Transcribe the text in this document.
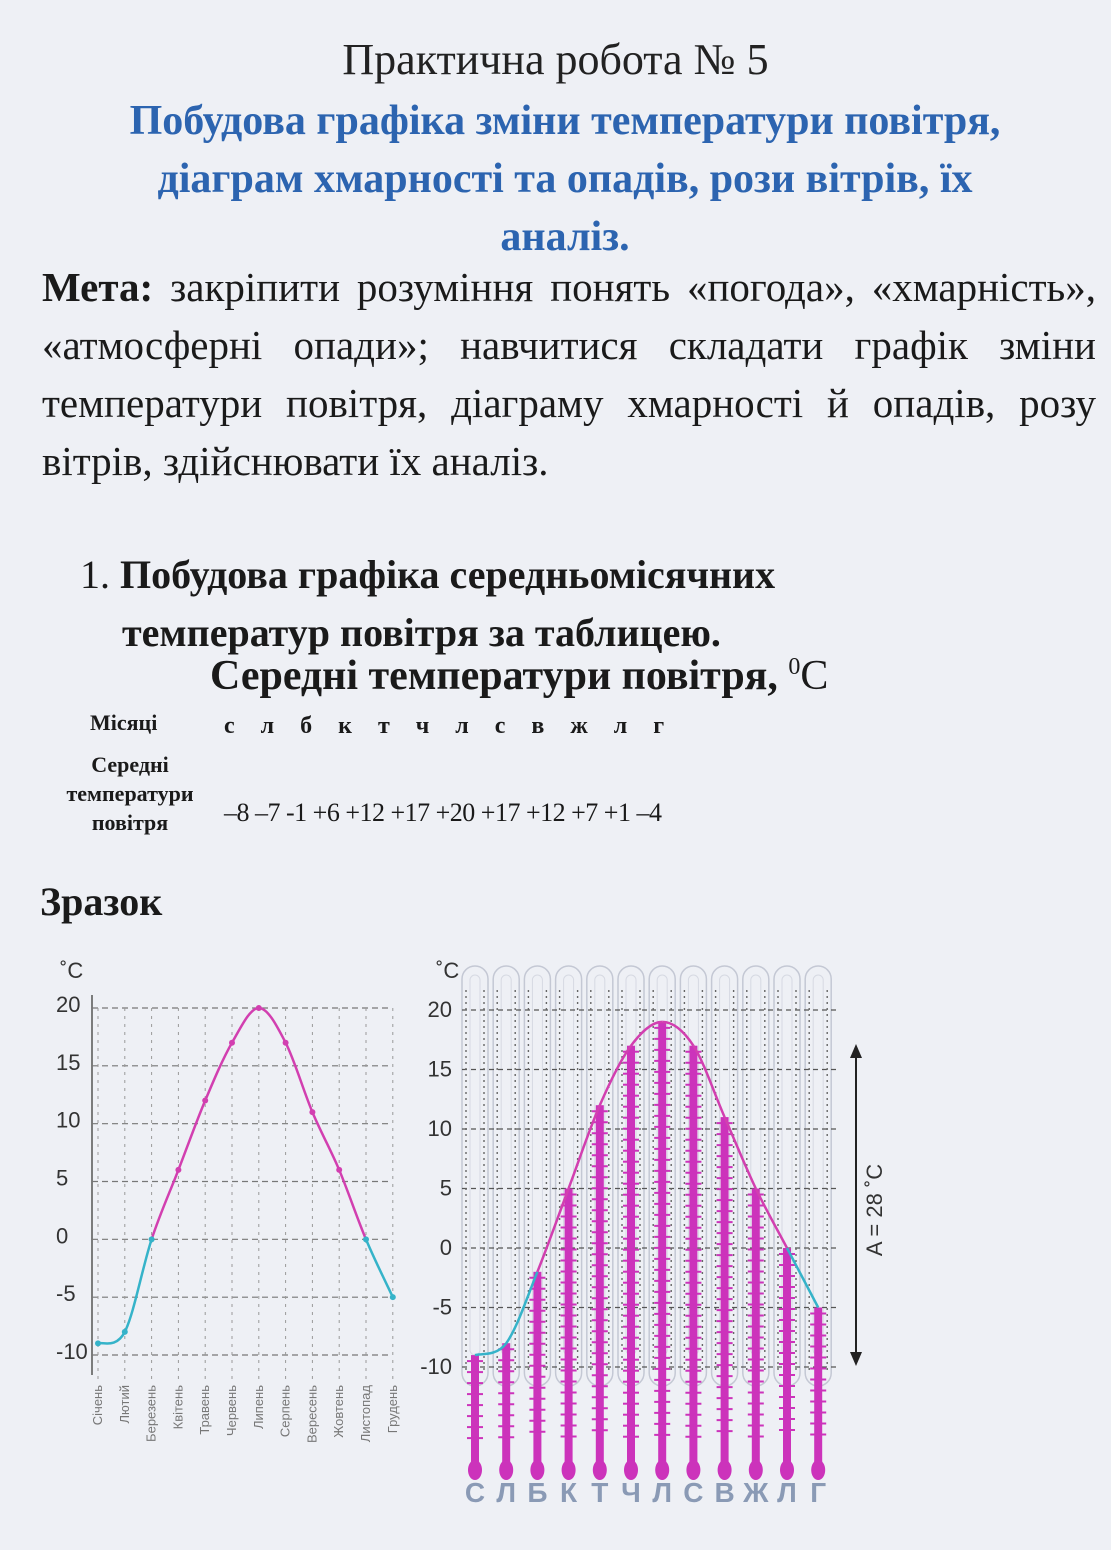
Практична робота № 5
Побудова графіка зміни температури повітря,
діаграм хмарності та опадів, рози вітрів, їх
аналіз.
Мета: закріпити розуміння понять «погода», «хмарність», «атмосферні опади»; навчитися складати графік зміни температури повітря, діаграму хмарності й опадів, розу вітрів, здійснювати їх аналіз.
1. Побудова графіка середньомісячних
температур повітря за таблицею.
Середні температури повітря, $^0$С
Місяці	с л б к т ч л с в ж л г
Середні
температури
повітря	–8 –7 -1 +6 +12 +17 +20 +17 +12 +7 +1 –4
Зразок
˚С
20
15
10
5
0
-5
-10
Січень Лютий Березень Квітень Травень Червень Липень Серпень Вересень Жовтень Листопад Грудень
˚С
20
15
10
5
0
-5
-10
A = 28 ˚С
С Л Б К Т Ч Л С В Ж Л Г
